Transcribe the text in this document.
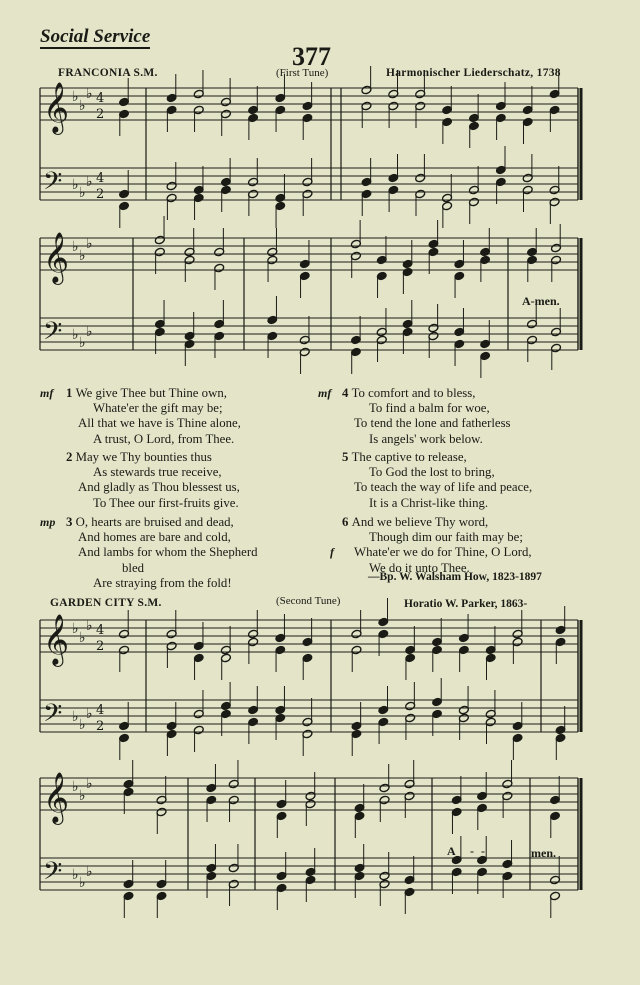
Social Service
377
FRANCONIA S.M.	(First Tune)	Harmonischer Liederschatz, 1738
𝄞 ♭
♭
♭ 4
2
𝄢 ♭ ♭
♭ 4
2
𝄞 ♭
♭
♭
𝄢 ♭ ♭
♭
𝄞 ♭
♭
♭ 4
2
𝄢 ♭ ♭
♭ 4
2
𝄞 ♭
♭
♭
𝄢 ♭ ♭
♭
A-men.
mf 1 We give Thee but Thine own,
Whate'er the gift may be;
All that we have is Thine alone,
A trust, O Lord, from Thee.
2 May we Thy bounties thus
As stewards true receive,
And gladly as Thou blessest us,
To Thee our first-fruits give.
mp 3 O, hearts are bruised and dead,
And homes are bare and cold,
And lambs for whom the Shepherd
bled
Are straying from the fold!
mf 4 To comfort and to bless,
To find a balm for woe,
To tend the lone and fatherless
Is angels' work below.
5 The captive to release,
To God the lost to bring,
To teach the way of life and peace,
It is a Christ-like thing.
f
6 And we believe Thy word,
Though dim our faith may be;
Whate'er we do for Thine, O Lord,
We do it unto Thee.
—Bp. W. Walsham How, 1823-1897
GARDEN CITY S.M.	(Second Tune)	Horatio W. Parker, 1863-
A - -	men.
